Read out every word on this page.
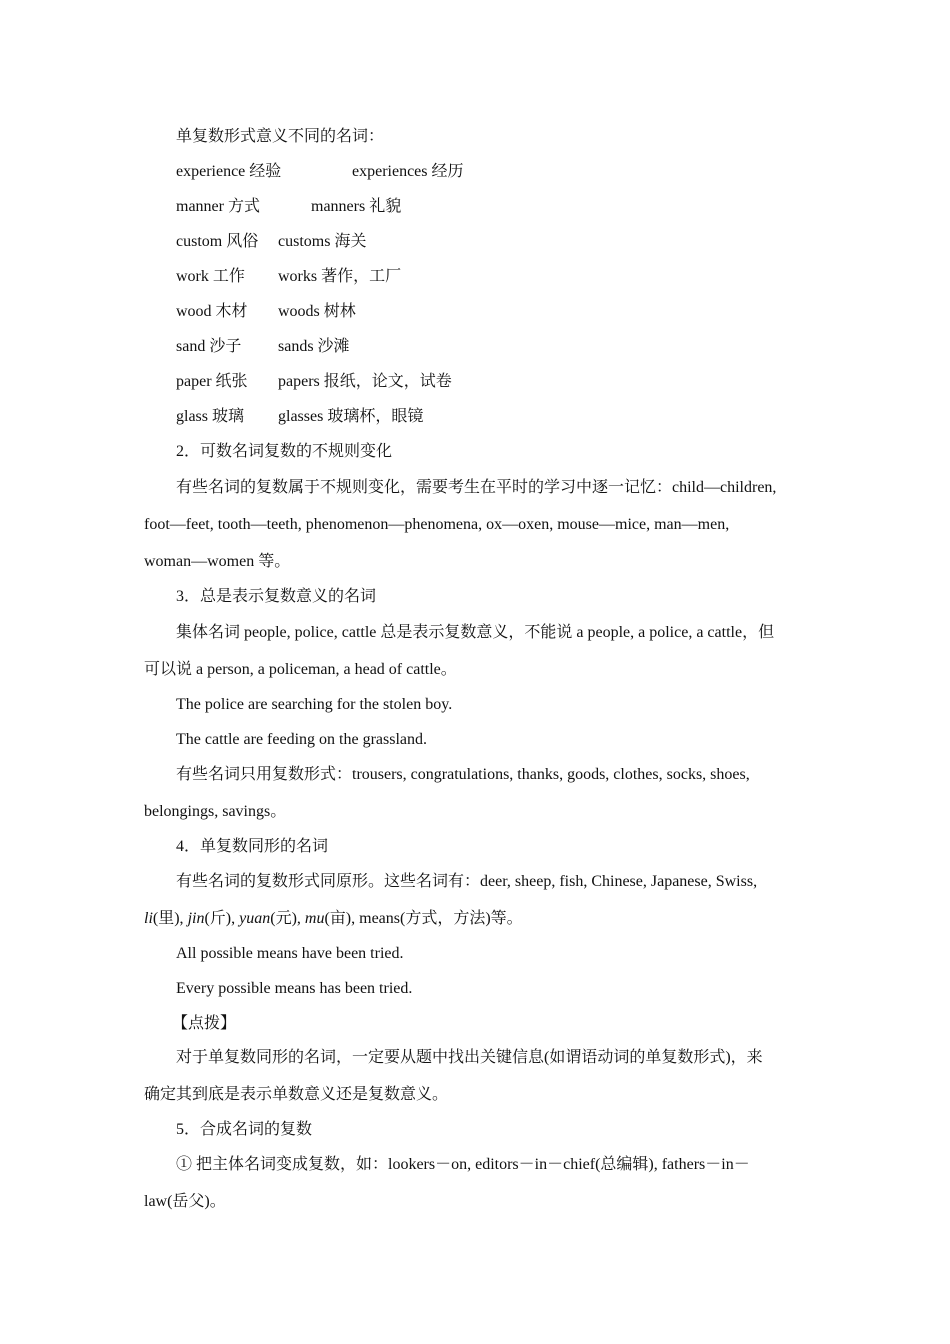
单复数形式意义不同的名词：
experience 经验	experiences 经历
manner 方式	manners 礼貌
custom 风俗 customs 海关
work 工作 works 著作，工厂
wood 木材 woods 树林
sand 沙子 sands 沙滩
paper 纸张 papers 报纸，论文，试卷
glass 玻璃 glasses 玻璃杯，眼镜
2．可数名词复数的不规则变化
有些名词的复数属于不规则变化，需要考生在平时的学习中逐一记忆：child—children,
foot—feet, tooth—teeth, phenomenon—phenomena, ox—oxen, mouse—mice, man—men,
woman—women 等。
3．总是表示复数意义的名词
集体名词 people, police, cattle 总是表示复数意义，不能说 a people, a police, a cattle，但
可以说 a person, a policeman, a head of cattle。
The police are searching for the stolen boy.
The cattle are feeding on the grassland.
有些名词只用复数形式：trousers, congratulations, thanks, goods, clothes, socks, shoes,
belongings, savings。
4．单复数同形的名词
有些名词的复数形式同原形。这些名词有：deer, sheep, fish, Chinese, Japanese, Swiss,
li(里), jin(斤), yuan(元), mu(亩), means(方式，方法)等。
All possible means have been tried.
Every possible means has been tried.
【点拨】
对于单复数同形的名词，一定要从题中找出关键信息(如谓语动词的单复数形式)，来
确定其到底是表示单数意义还是复数意义。
5．合成名词的复数
① 把主体名词变成复数，如：lookers－on, editors－in－chief(总编辑), fathers－in－
law(岳父)。
